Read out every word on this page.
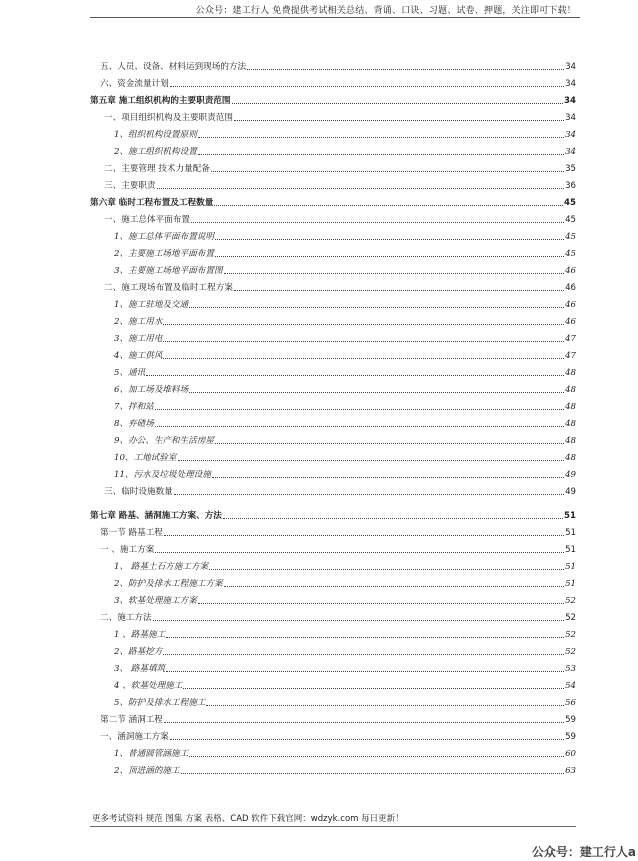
公众号：建工行人 免费提供考试相关总结、背诵、口诀、习题、试卷、押题，关注即可下载！
五、人员、设备、材料运到现场的方法	34
六、资金流量计划	34
第五章 施工组织机构的主要职责范围	34
一、项目组织机构及主要职责范围	34
1、组织机构设置原则	34
2、施工组织机构设置	34
二、主要管理 技术力量配备	35
三、主要职责	36
第六章 临时工程布置及工程数量	45
一、施工总体平面布置	45
1、施工总体平面布置说明	45
2、主要施工场地平面布置	45
3、主要施工场地平面布置图	46
二、施工现场布置及临时工程方案	46
1、施工驻地及交通	46
2、施工用水	46
3、施工用电	47
4、施工供风	47
5、通讯	48
6、加工场及堆料场	48
7、拌和站	48
8、弃碴场	48
9、办公、生产和生活房屋	48
10、工地试验室	48
11、污水及垃圾处理设施	49
三、临时设施数量	49
第七章 路基、涵洞施工方案、方法	51
第一节 路基工程	51
一 、施工方案	51
1、 路基土石方施工方案	51
2、防护及排水工程施工方案	51
3、软基处理施工方案	52
二、施工方法	52
1 、路基施工	52
2、路基挖方	52
3、 路基填筑	53
4 、软基处理施工	54
5、防护及排水工程施工	56
第二节 涵洞工程	59
一、涵洞施工方案	59
1、普通圆管涵施工	60
2、顶进涵的施工	63
更多考试资料 规范 图集 方案 表格、CAD 软件下载官网：wdzyk.com 每日更新！
公众号：建工行人a
